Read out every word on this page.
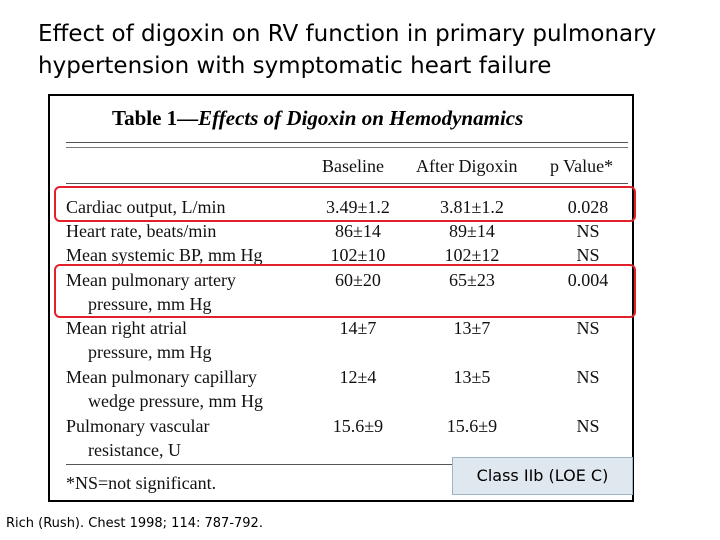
Effect of digoxin on RV function in primary pulmonary hypertension with symptomatic heart failure
Table 1—Effects of Digoxin on Hemodynamics
Baseline After Digoxin p Value*
Cardiac output, L/min	3.49±1.2	3.81±1.2	0.028
Heart rate, beats/min	86±14	89±14	NS
Mean systemic BP, mm Hg	102±10	102±12	NS
Mean pulmonary artery
pressure, mm Hg
60±20	65±23	0.004
Mean right atrial
pressure, mm Hg
14±7	13±7	NS
Mean pulmonary capillary
wedge pressure, mm Hg
12±4	13±5	NS
Pulmonary vascular
resistance, U
15.6±9	15.6±9	NS
*NS=not significant.	Class IIb (LOE C)
Rich (Rush). Chest 1998; 114: 787-792.
